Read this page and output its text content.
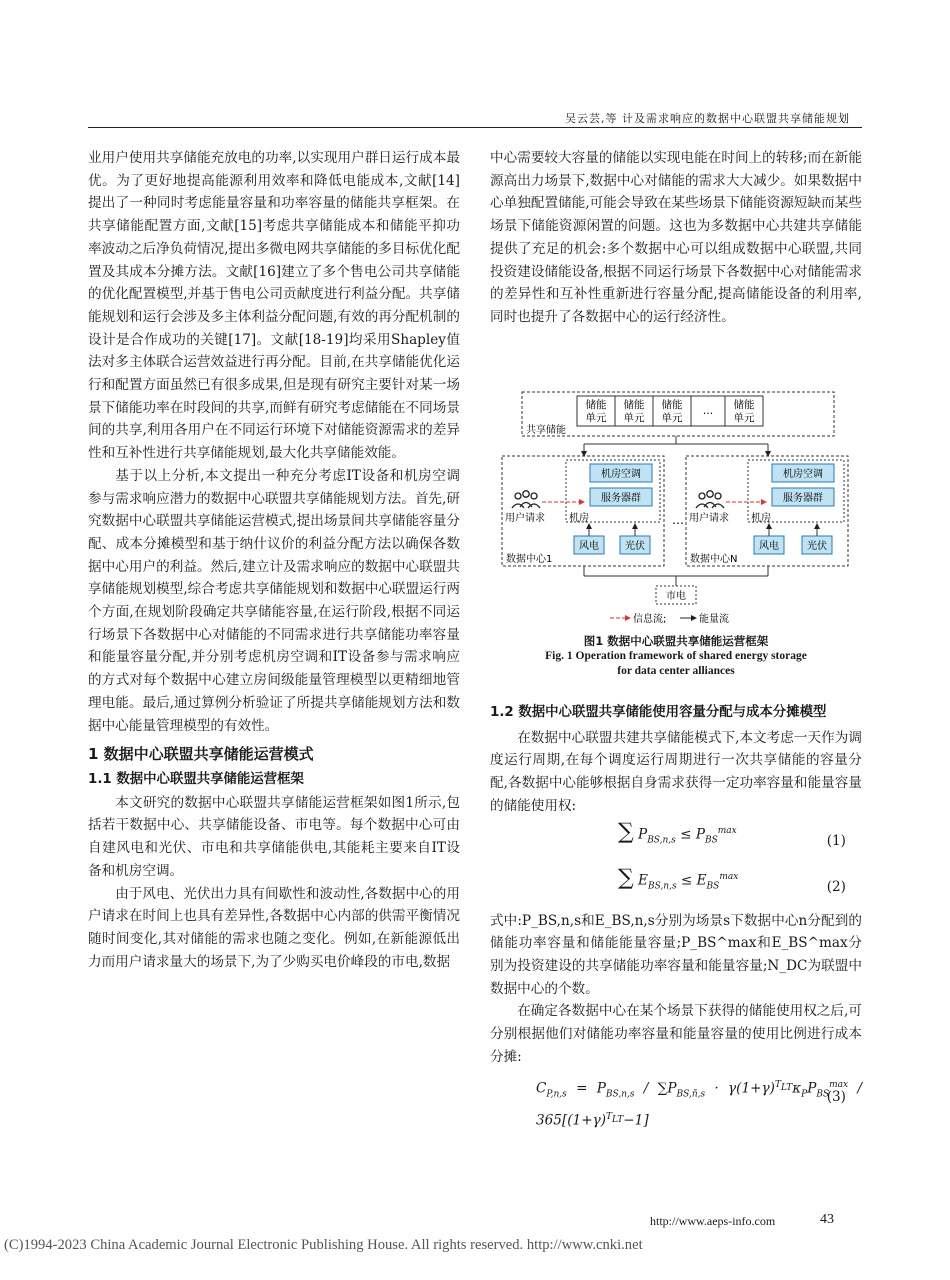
吴云芸,等 计及需求响应的数据中心联盟共享储能规划

业用户使用共享储能充放电的功率,以实现用户群日运行成本最优。为了更好地提高能源利用效率和降低电能成本,文献[14]提出了一种同时考虑能量容量和功率容量的储能共享框架。在共享储能配置方面,文献[15]考虑共享储能成本和储能平抑功率波动之后净负荷情况,提出多微电网共享储能的多目标优化配置及其成本分摊方法。文献[16]建立了多个售电公司共享储能的优化配置模型,并基于售电公司贡献度进行利益分配。共享储能规划和运行会涉及多主体利益分配问题,有效的再分配机制的设计是合作成功的关键[17]。文献[18-19]均采用Shapley值法对多主体联合运营效益进行再分配。目前,在共享储能优化运行和配置方面虽然已有很多成果,但是现有研究主要针对某一场景下储能功率在时段间的共享,而鲜有研究考虑储能在不同场景间的共享,利用各用户在不同运行环境下对储能资源需求的差异性和互补性进行共享储能规划,最大化共享储能效能。

基于以上分析,本文提出一种充分考虑IT设备和机房空调参与需求响应潜力的数据中心联盟共享储能规划方法。首先,研究数据中心联盟共享储能运营模式,提出场景间共享储能容量分配、成本分摊模型和基于纳什议价的利益分配方法以确保各数据中心用户的利益。然后,建立计及需求响应的数据中心联盟共享储能规划模型,综合考虑共享储能规划和数据中心联盟运行两个方面,在规划阶段确定共享储能容量,在运行阶段,根据不同运行场景下各数据中心对储能的不同需求进行共享储能功率容量和能量容量分配,并分别考虑机房空调和IT设备参与需求响应的方式对每个数据中心建立房间级能量管理模型以更精细地管理电能。最后,通过算例分析验证了所提共享储能规划方法和数据中心能量管理模型的有效性。

1 数据中心联盟共享储能运营模式

1.1 数据中心联盟共享储能运营框架

本文研究的数据中心联盟共享储能运营框架如图1所示,包括若干数据中心、共享储能设备、市电等。每个数据中心可由自建风电和光伏、市电和共享储能供电,其能耗主要来自IT设备和机房空调。

由于风电、光伏出力具有间歇性和波动性,各数据中心的用户请求在时间上也具有差异性,各数据中心内部的供需平衡情况随时间变化,其对储能的需求也随之变化。例如,在新能源低出力而用户请求量大的场景下,为了少购买电价峰段的市电,数据

中心需要较大容量的储能以实现电能在时间上的转移;而在新能源高出力场景下,数据中心对储能的需求大大减少。如果数据中心单独配置储能,可能会导致在某些场景下储能资源短缺而某些场景下储能资源闲置的问题。这也为多数据中心共建共享储能提供了充足的机会:多个数据中心可以组成数据中心联盟,共同投资建设储能设备,根据不同运行场景下各数据中心对储能需求的差异性和互补性重新进行容量分配,提高储能设备的利用率,同时也提升了各数据中心的运行经济性。

储能
单元
储能
单元
储能
单元
… 储能
单元
共享储能
机房空调
服务器群
用户请求 机房
数据中心1
风电	光伏
…
机房空调
服务器群
用户请求 机房
数据中心N
风电	光伏
市电
信息流;	能量流
图1 数据中心联盟共享储能运营框架
Fig. 1 Operation framework of shared energy storage
for data center alliances

1.2 数据中心联盟共享储能使用容量分配与成本分摊模型

在数据中心联盟共建共享储能模式下,本文考虑一天作为调度运行周期,在每个调度运行周期进行一次共享储能的容量分配,各数据中心能够根据自身需求获得一定功率容量和能量容量的储能使用权:

∑ $P_{BS,n,s} \le P_{BS}^{max}$
(1)
∑ $E_{BS,n,s} \le E_{BS}^{max}$
(2)

式中:P_BS,n,s和E_BS,n,s分别为场景s下数据中心n分配到的储能功率容量和储能能量容量;P_BS^max和E_BS^max分别为投资建设的共享储能功率容量和能量容量;N_DC为联盟中数据中心的个数。

在确定各数据中心在某个场景下获得的储能使用权之后,可分别根据他们对储能功率容量和能量容量的使用比例进行成本分摊:

$C_{P,n,s} = P_{BS,n,s} / \sum P_{BS,ñ,s} \cdot \gamma(1+\gamma)^{T_{LT}}\kappa_PP_{BS}^{max} / 365[(1+\gamma)^{T_{LT}}-1]$
(3)
http://www.aeps-info.com	43
(C)1994-2023 China Academic Journal Electronic Publishing House. All rights reserved. http://www.cnki.net
